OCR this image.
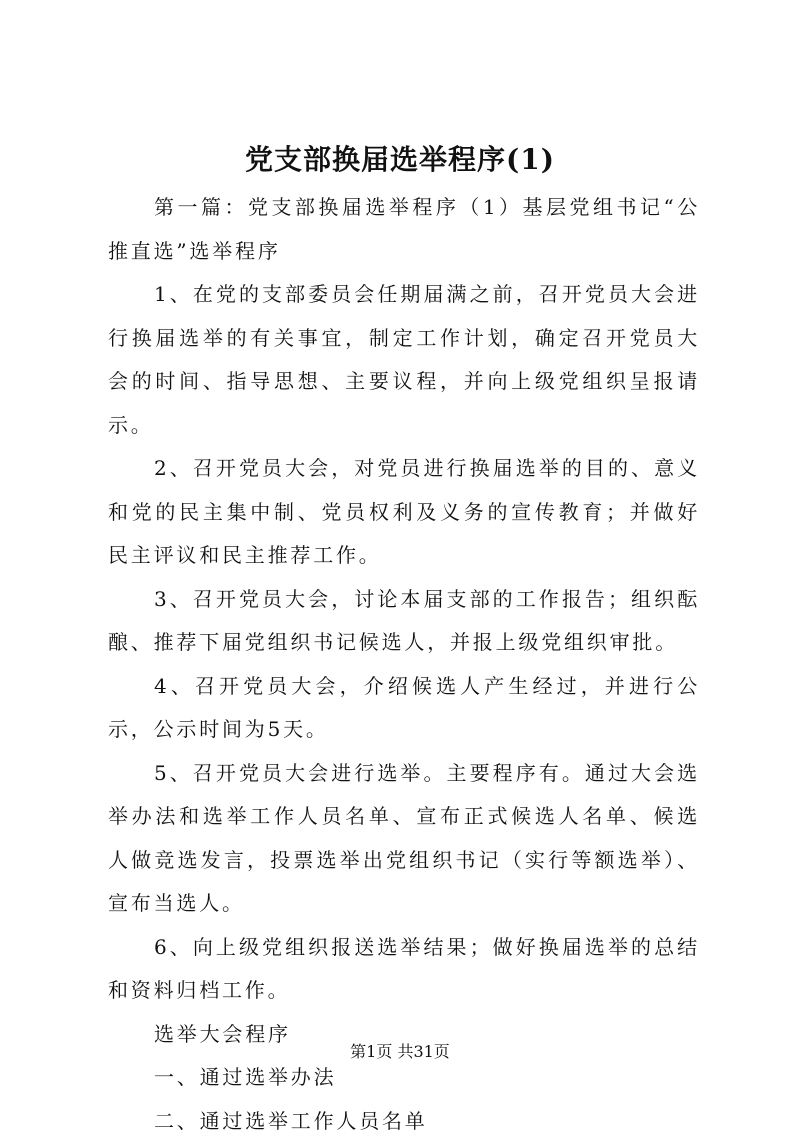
党支部换届选举程序(1)

第一篇：党支部换届选举程序（1）基层党组书记“公推直选”选举程序

1、在党的支部委员会任期届满之前，召开党员大会进行换届选举的有关事宜，制定工作计划，确定召开党员大会的时间、指导思想、主要议程，并向上级党组织呈报请示。

2、召开党员大会，对党员进行换届选举的目的、意义和党的民主集中制、党员权利及义务的宣传教育；并做好民主评议和民主推荐工作。

3、召开党员大会，讨论本届支部的工作报告；组织酝酿、推荐下届党组织书记候选人，并报上级党组织审批。

4、召开党员大会，介绍候选人产生经过，并进行公示，公示时间为5天。

5、召开党员大会进行选举。主要程序有。通过大会选举办法和选举工作人员名单、宣布正式候选人名单、候选人做竞选发言，投票选举出党组织书记（实行等额选举）、宣布当选人。

6、向上级党组织报送选举结果；做好换届选举的总结和资料归档工作。

选举大会程序

一、通过选举办法

二、通过选举工作人员名单

第1页 共31页
